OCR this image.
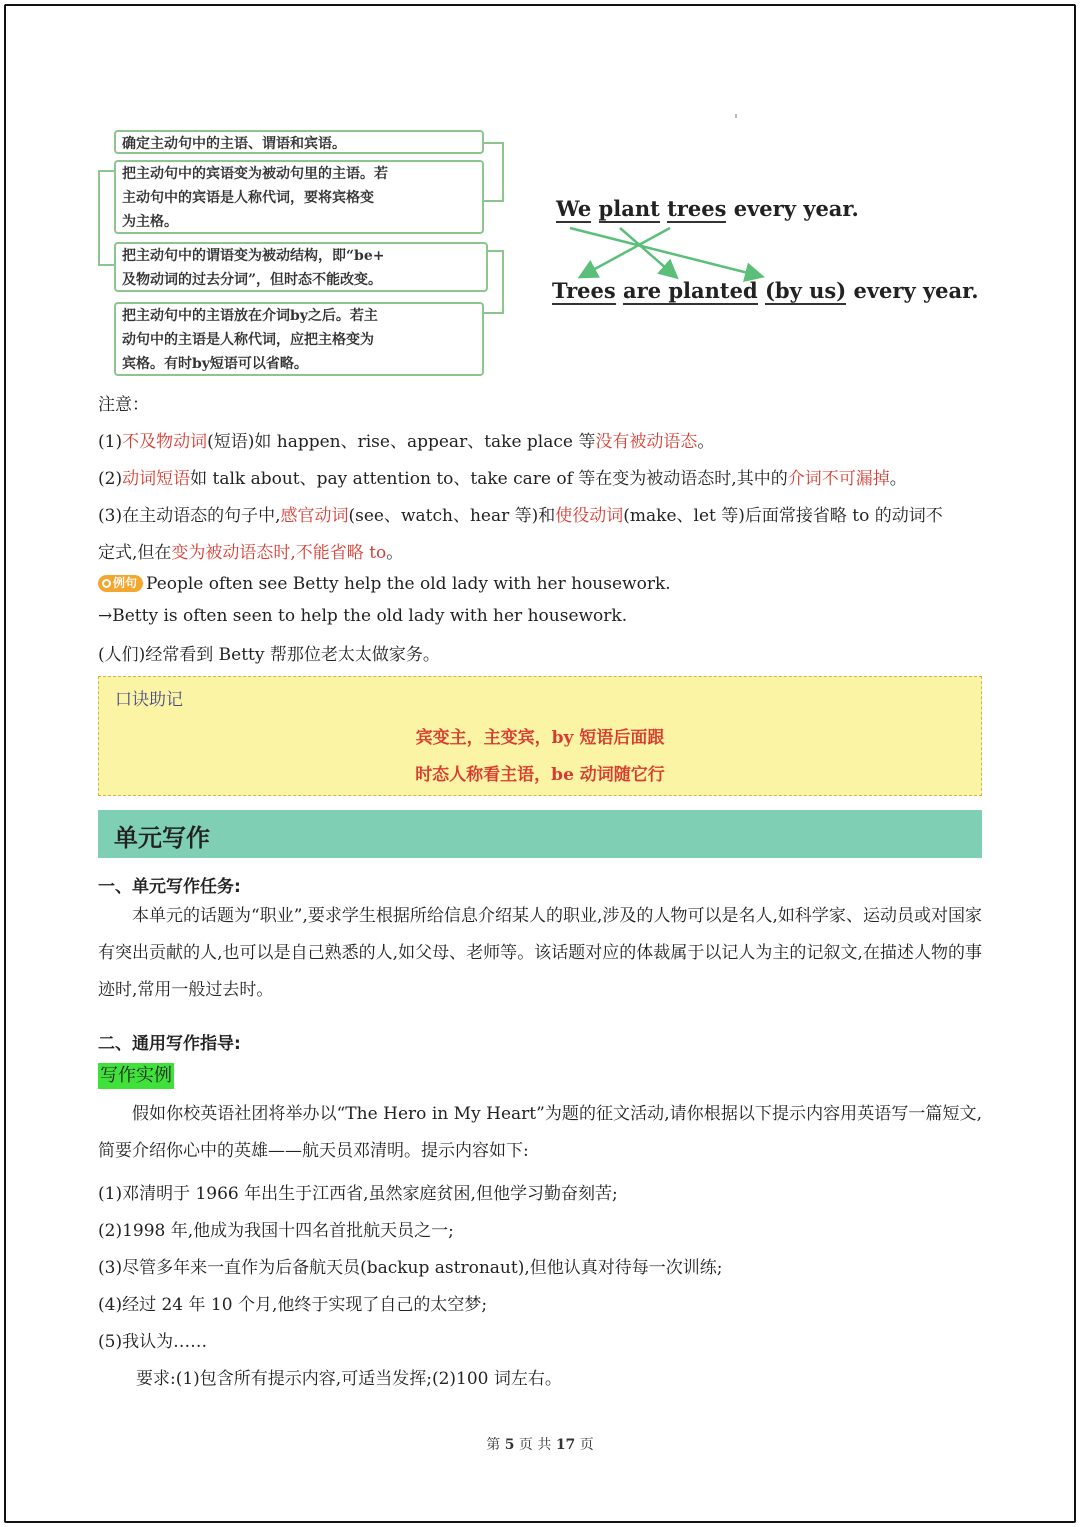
确定主动句中的主语、谓语和宾语。
把主动句中的宾语变为被动句里的主语。若
主动句中的宾语是人称代词，要将宾格变
为主格。
把主动句中的谓语变为被动结构，即“be+
及物动词的过去分词”，但时态不能改变。
把主动句中的主语放在介词by之后。若主
动句中的主语是人称代词，应把主格变为
宾格。有时by短语可以省略。
We plant trees every year.
Trees are planted (by us) every year.
注意：
(1)不及物动词(短语)如 happen、rise、appear、take place 等没有被动语态。
(2)动词短语如 talk about、pay attention to、take care of 等在变为被动语态时,其中的介词不可漏掉。
(3)在主动语态的句子中,感官动词(see、watch、hear 等)和使役动词(make、let 等)后面常接省略 to 的动词不
定式,但在变为被动语态时,不能省略 to。
例句 People often see Betty help the old lady with her housework.
→Betty is often seen to help the old lady with her housework.
(人们)经常看到 Betty 帮那位老太太做家务。
口诀助记
宾变主，主变宾，by 短语后面跟
时态人称看主语，be 动词随它行
单元写作
一、单元写作任务:
本单元的话题为“职业”,要求学生根据所给信息介绍某人的职业,涉及的人物可以是名人,如科学家、运动员或对国家有突出贡献的人,也可以是自己熟悉的人,如父母、老师等。该话题对应的体裁属于以记人为主的记叙文,在描述人物的事迹时,常用一般过去时。
二、通用写作指导:
写作实例
假如你校英语社团将举办以“The Hero in My Heart”为题的征文活动,请你根据以下提示内容用英语写一篇短文,简要介绍你心中的英雄——航天员邓清明。提示内容如下:
(1)邓清明于 1966 年出生于江西省,虽然家庭贫困,但他学习勤奋刻苦;
(2)1998 年,他成为我国十四名首批航天员之一;
(3)尽管多年来一直作为后备航天员(backup astronaut),但他认真对待每一次训练;
(4)经过 24 年 10 个月,他终于实现了自己的太空梦;
(5)我认为……
要求:(1)包含所有提示内容,可适当发挥;(2)100 词左右。
第 5 页 共 17 页
